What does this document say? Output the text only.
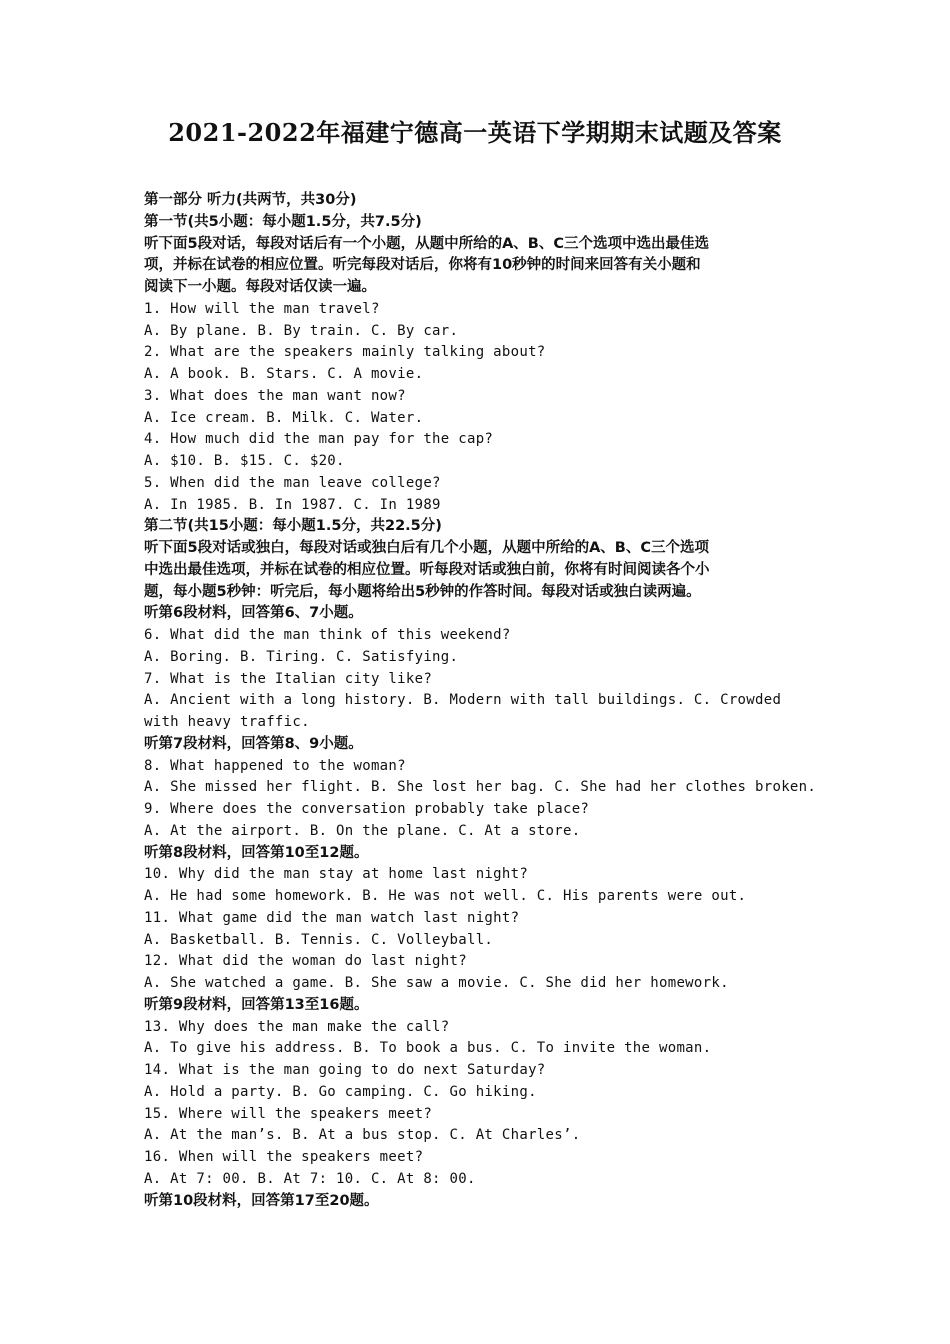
2021-2022年福建宁德高一英语下学期期末试题及答案
第一部分 听力(共两节，共30分)
第一节(共5小题：每小题1.5分，共7.5分)
听下面5段对话，每段对话后有一个小题，从题中所给的A、B、C三个选项中选出最佳选
项，并标在试卷的相应位置。听完每段对话后，你将有10秒钟的时间来回答有关小题和
阅读下一小题。每段对话仅读一遍。
1. How will the man travel?
A. By plane. B. By train. C. By car.
2. What are the speakers mainly talking about?
A. A book. B. Stars. C. A movie.
3. What does the man want now?
A. Ice cream. B. Milk. C. Water.
4. How much did the man pay for the cap?
A. $10. B. $15. C. $20.
5. When did the man leave college?
A. In 1985. B. In 1987. C. In 1989
第二节(共15小题：每小题1.5分，共22.5分)
听下面5段对话或独白，每段对话或独白后有几个小题，从题中所给的A、B、C三个选项
中选出最佳选项，并标在试卷的相应位置。听每段对话或独白前，你将有时间阅读各个小
题，每小题5秒钟：听完后，每小题将给出5秒钟的作答时间。每段对话或独白读两遍。
听第6段材料，回答第6、7小题。
6. What did the man think of this weekend?
A. Boring. B. Tiring. C. Satisfying.
7. What is the Italian city like?
A. Ancient with a long history. B. Modern with tall buildings. C. Crowded with heavy traffic.
听第7段材料，回答第8、9小题。
8. What happened to the woman?
A. She missed her flight. B. She lost her bag. C. She had her clothes broken.
9. Where does the conversation probably take place?
A. At the airport. B. On the plane. C. At a store.
听第8段材料，回答第10至12题。
10. Why did the man stay at home last night?
A. He had some homework. B. He was not well. C. His parents were out.
11. What game did the man watch last night?
A. Basketball. B. Tennis. C. Volleyball.
12. What did the woman do last night?
A. She watched a game. B. She saw a movie. C. She did her homework.
听第9段材料，回答第13至16题。
13. Why does the man make the call?
A. To give his address. B. To book a bus. C. To invite the woman.
14. What is the man going to do next Saturday?
A. Hold a party. B. Go camping. C. Go hiking.
15. Where will the speakers meet?
A. At the man’s. B. At a bus stop. C. At Charles’.
16. When will the speakers meet?
A. At 7: 00. B. At 7: 10. C. At 8: 00.
听第10段材料，回答第17至20题。
